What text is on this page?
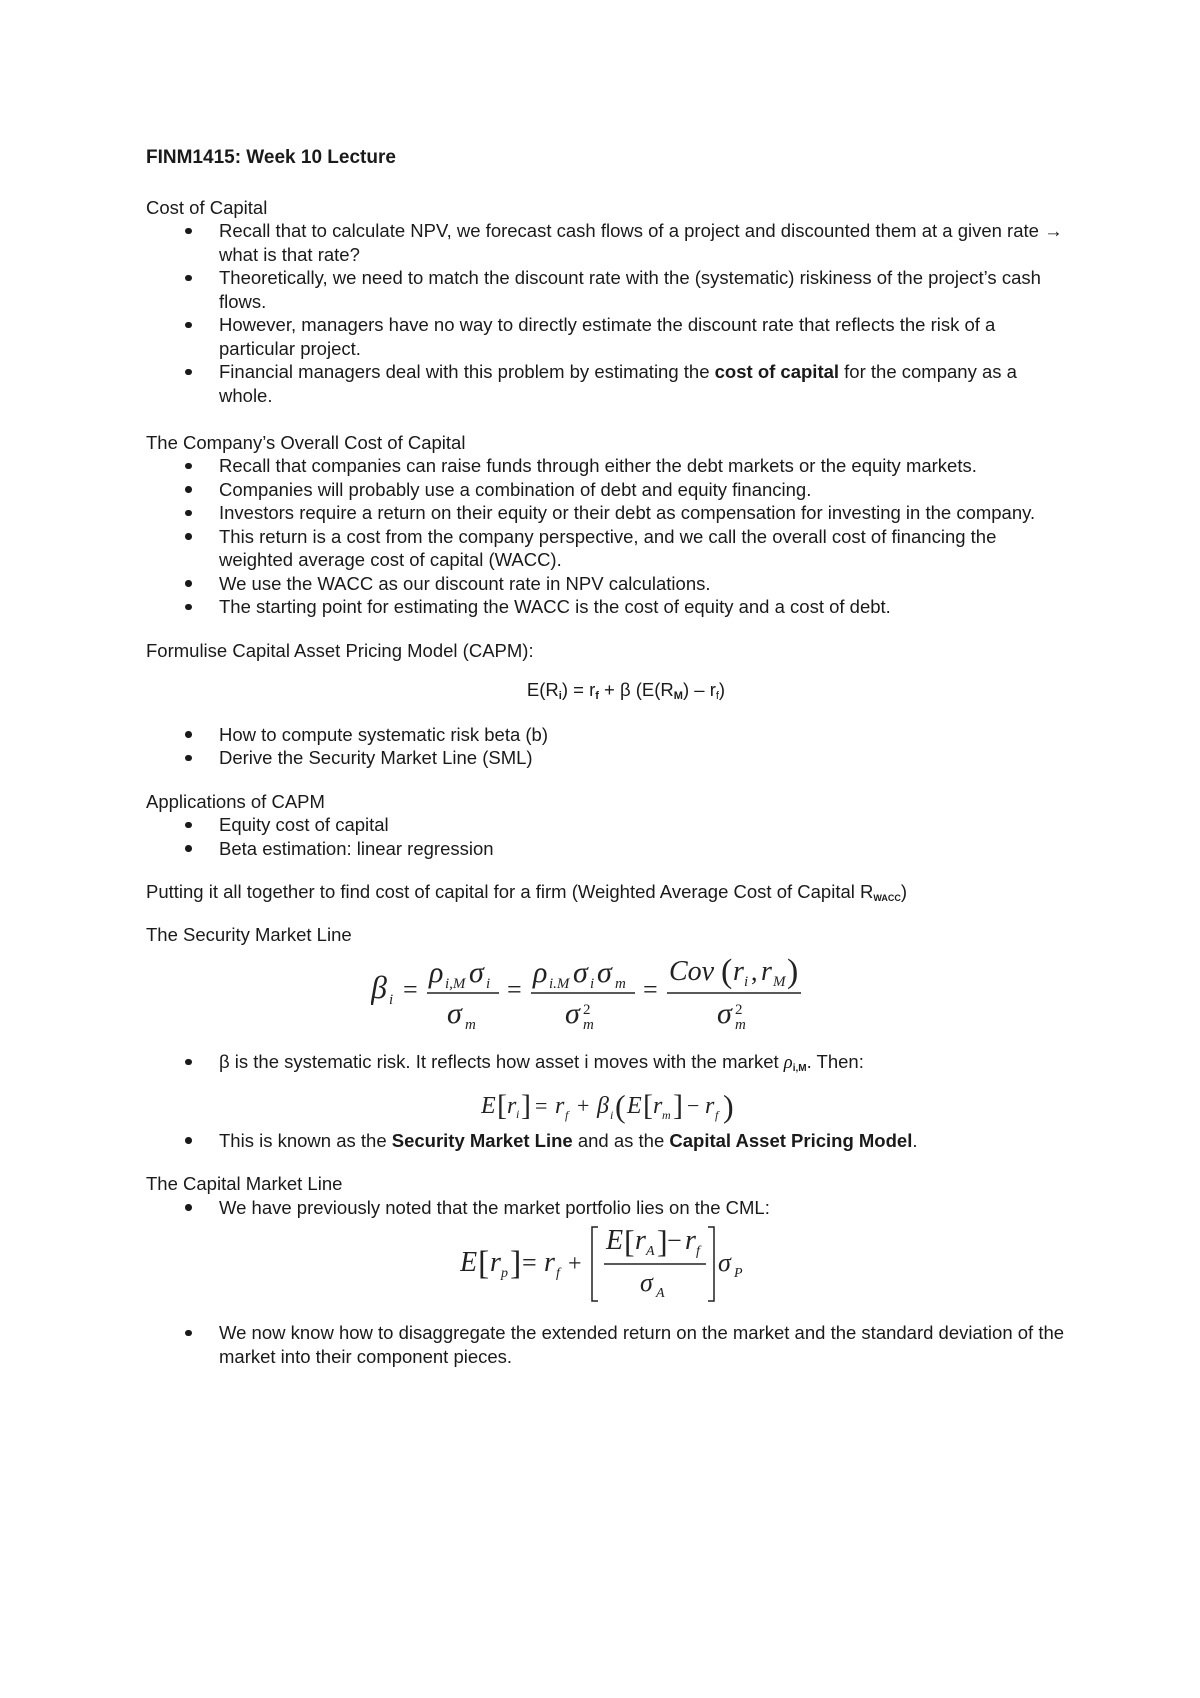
FINM1415: Week 10 Lecture
Cost of Capital
Recall that to calculate NPV, we forecast cash flows of a project and discounted them at a given rate → what is that rate?
Theoretically, we need to match the discount rate with the (systematic) riskiness of the project’s cash flows.
However, managers have no way to directly estimate the discount rate that reflects the risk of a particular project.
Financial managers deal with this problem by estimating the cost of capital for the company as a whole.
The Company’s Overall Cost of Capital
Recall that companies can raise funds through either the debt markets or the equity markets.
Companies will probably use a combination of debt and equity financing.
Investors require a return on their equity or their debt as compensation for investing in the company.
This return is a cost from the company perspective, and we call the overall cost of financing the weighted average cost of capital (WACC).
We use the WACC as our discount rate in NPV calculations.
The starting point for estimating the WACC is the cost of equity and a cost of debt.
Formulise Capital Asset Pricing Model (CAPM):
$E(R_i) = r_f + \beta$ $(E(R_M) - rf)$
How to compute systematic risk beta (b)
Derive the Security Market Line (SML)
Applications of CAPM
Equity cost of capital
Beta estimation: linear regression
Putting it all together to find cost of capital for a firm (Weighted Average Cost of Capital RWACC)
The Security Market Line
β i =
ρ i,M σ i
σ m
=
ρ i.M σ i σ m
σ 2
m
=
Cov ( r i , r M )
σ 2
m
β is the systematic risk. It reflects how asset i moves with the market $\rho_{i,M}$. Then:
E [ r i ] = r f + β i ( E [ r m ] − r f )
This is known as the Security Market Line and as the Capital Asset Pricing Model.
The Capital Market Line
We have previously noted that the market portfolio lies on the CML:
E [ r p ] = r f +
E [ r A ] − r f
σ A
σ P
We now know how to disaggregate the extended return on the market and the standard deviation of the market into their component pieces.
